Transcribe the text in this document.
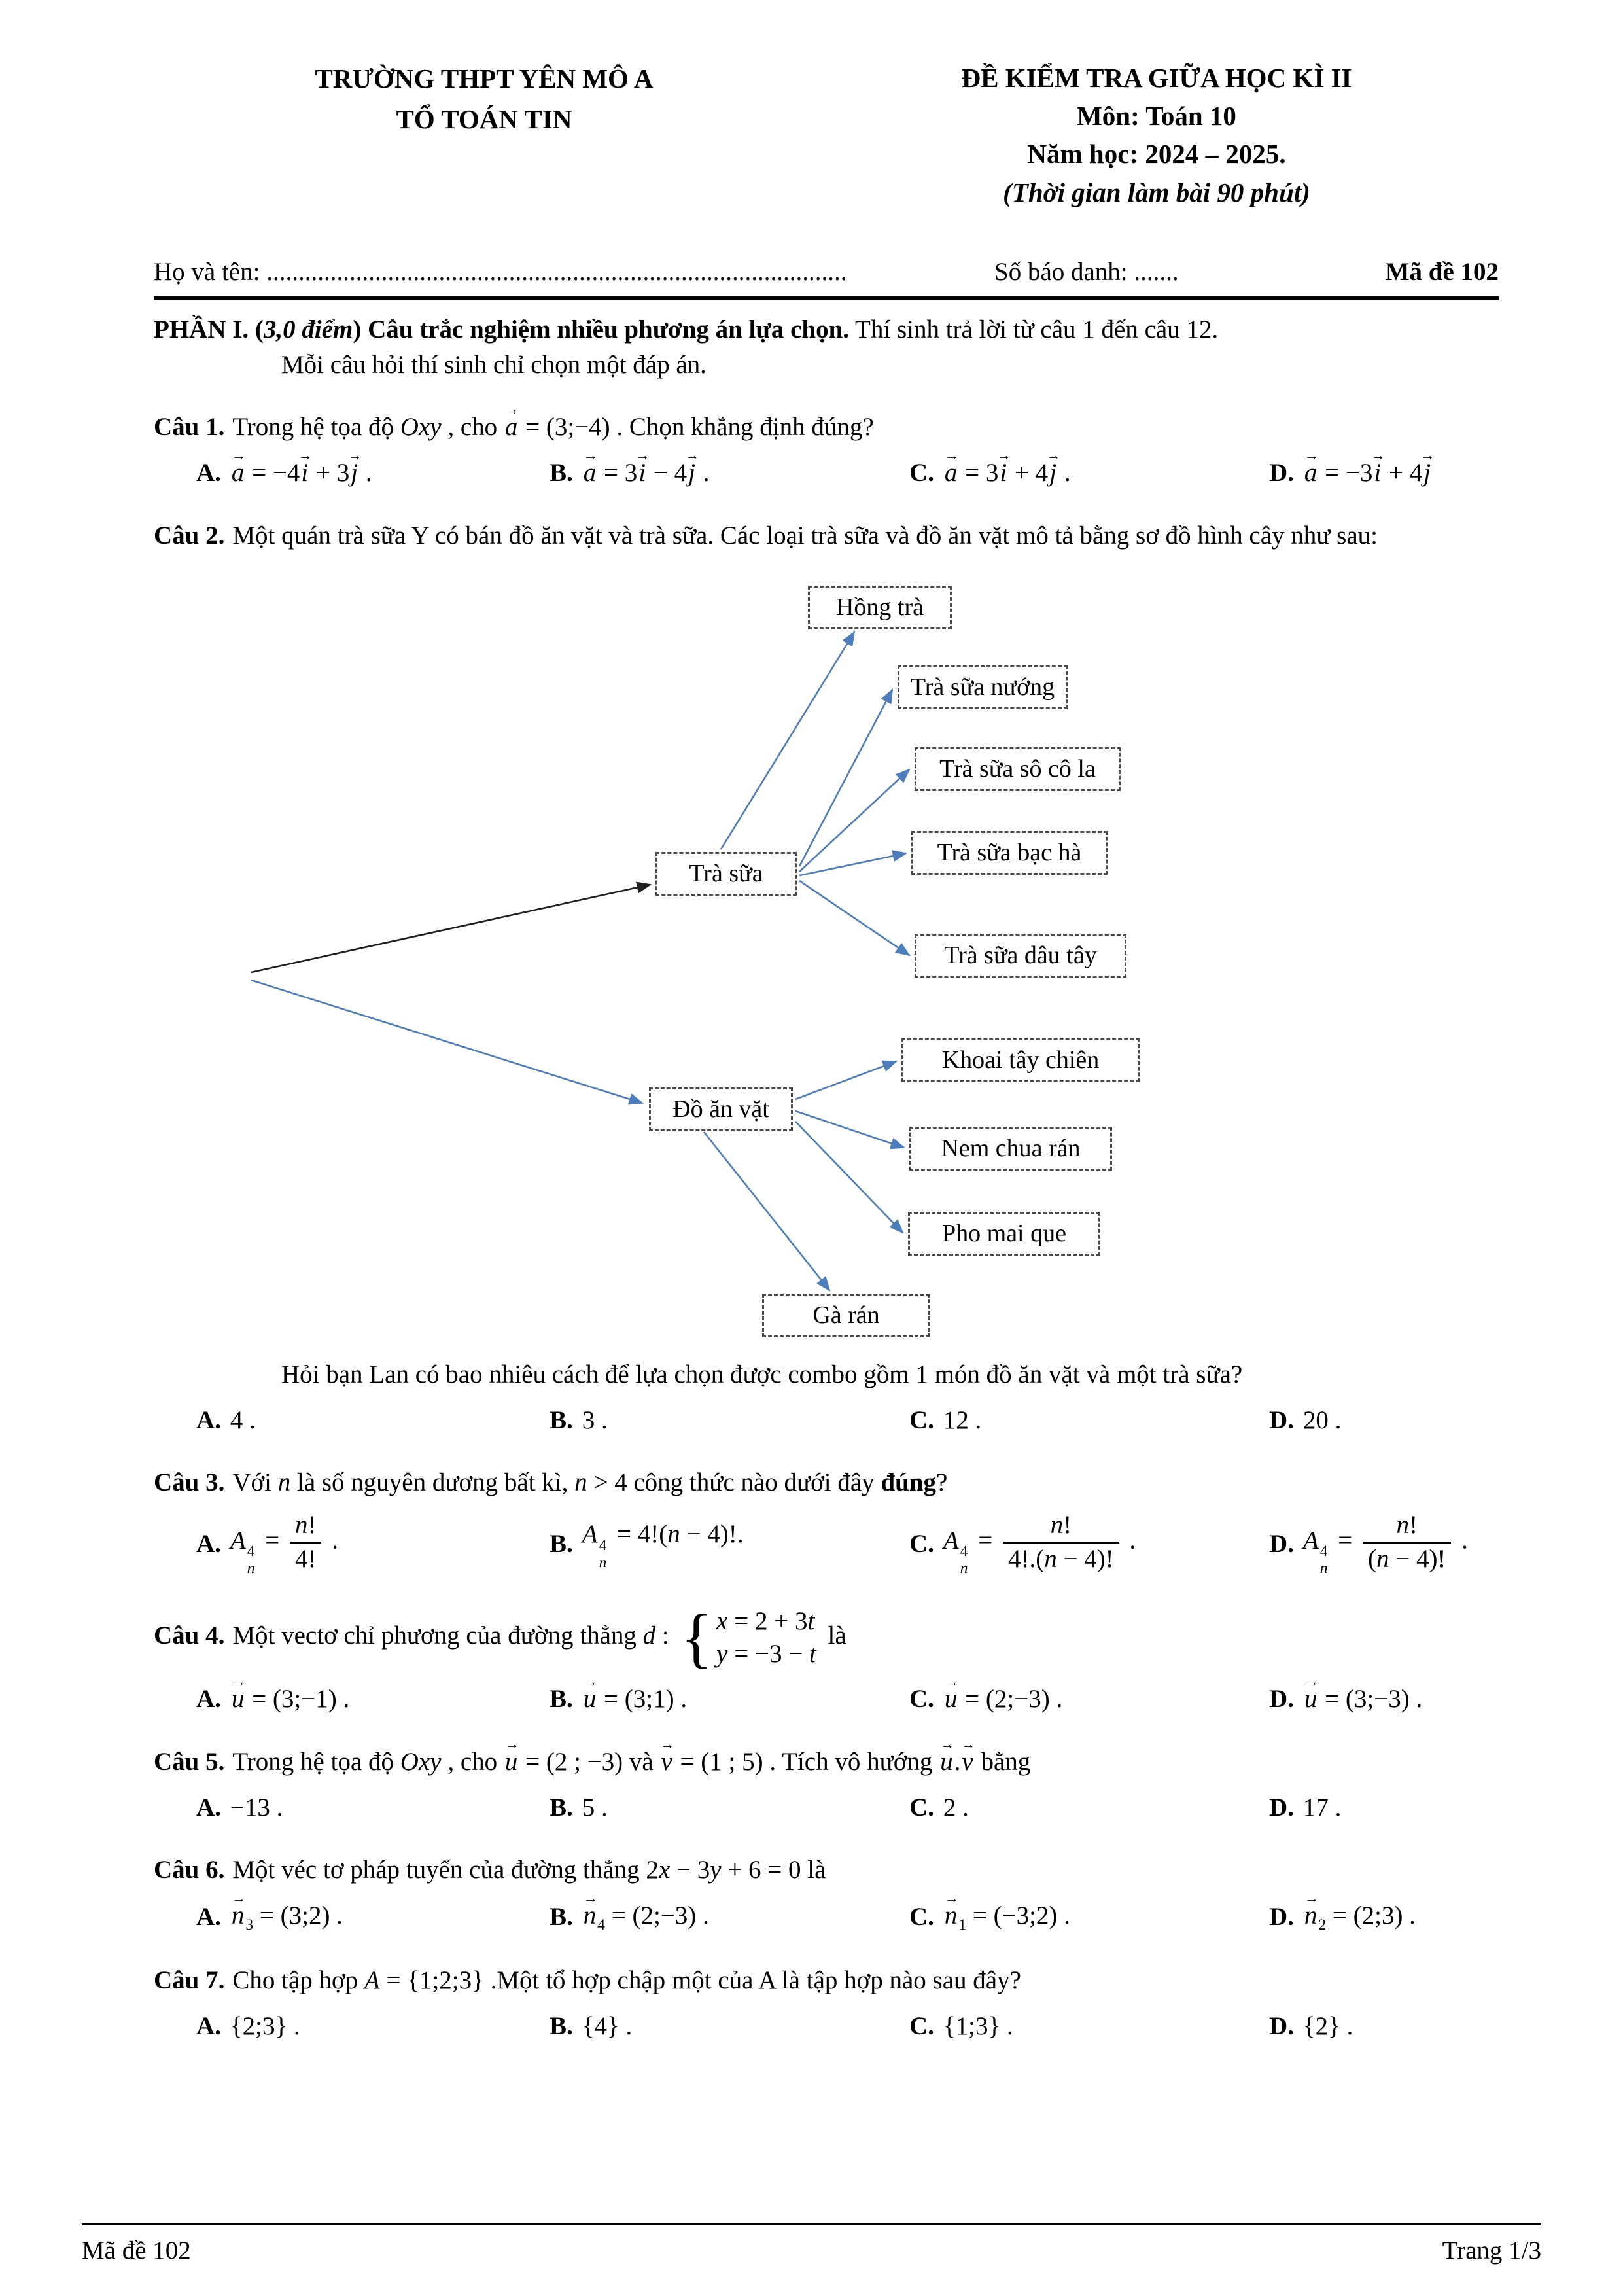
TRƯỜNG THPT YÊN MÔ A
TỔ TOÁN TIN
ĐỀ KIỂM TRA GIỮA HỌC KÌ II
Môn: Toán 10
Năm học: 2024 – 2025.
(Thời gian làm bài 90 phút)
Họ và tên: ...........................................................................................	Số báo danh: .......	Mã đề 102

PHẦN I. (3,0 điểm) Câu trắc nghiệm nhiều phương án lựa chọn. Thí sinh trả lời từ câu 1 đến câu 12.

Mỗi câu hỏi thí sinh chỉ chọn một đáp án.

Câu 1. Trong hệ tọa độ Oxy , cho → a = (3;−4) . Chọn khẳng định đúng?

A. → a = −4→ i + 3→ j .	B. → a = 3→ i − 4→ j .	C. → a = 3→ i + 4→ j .	D. → a = −3→ i + 4→ j

Câu 2. Một quán trà sữa Y có bán đồ ăn vặt và trà sữa. Các loại trà sữa và đồ ăn vặt mô tả bằng sơ đồ hình cây như sau:

Hồng trà
Trà sữa nướng
Trà sữa sô cô la
Trà sữa bạc hà
Trà sữa
Trà sữa dâu tây
Khoai tây chiên
Đồ ăn vặt
Nem chua rán
Pho mai que
Gà rán

Hỏi bạn Lan có bao nhiêu cách để lựa chọn được combo gồm 1 món đồ ăn vặt và một trà sữa?

A. 4 .	B. 3 .	C. 12 .	D. 20 .

Câu 3. Với n là số nguyên dương bất kì, n > 4 công thức nào dưới đây đúng?

A. A 4
n
= $\frac{n!}{4!}$ .	B. A 4
n
= 4!(n − 4)!.	C. A 4
n
= $\frac{n!}{4!.(n - 4)!}$ .	D. A 4
n
= $\frac{n!}{(n - 4)!}$ .

Câu 4. Một vectơ chỉ phương của đường thẳng d : { x = 2 + 3t
y = −3 − t
là

A. → u = (3;−1) .	B. → u = (3;1) .	C. → u = (2;−3) .	D. → u = (3;−3) .

Câu 5. Trong hệ tọa độ Oxy , cho → u = (2 ; −3) và → v = (1 ; 5) . Tích vô hướng → u.→ v bằng

A. −13 .	B. 5 .	C. 2 .	D. 17 .

Câu 6. Một véc tơ pháp tuyến của đường thẳng 2x − 3y + 6 = 0 là

A. → $n_3$ = (3;2) .	B. → $n_4$ = (2;−3) .	C. → $n_1$ = (−3;2) .	D. → $n_2$ = (2;3) .

Câu 7. Cho tập hợp A = {1;2;3} .Một tổ hợp chập một của A là tập hợp nào sau đây?

A. {2;3} .	B. {4} .	C. {1;3} .	D. {2} .
Mã đề 102	Trang 1/3
